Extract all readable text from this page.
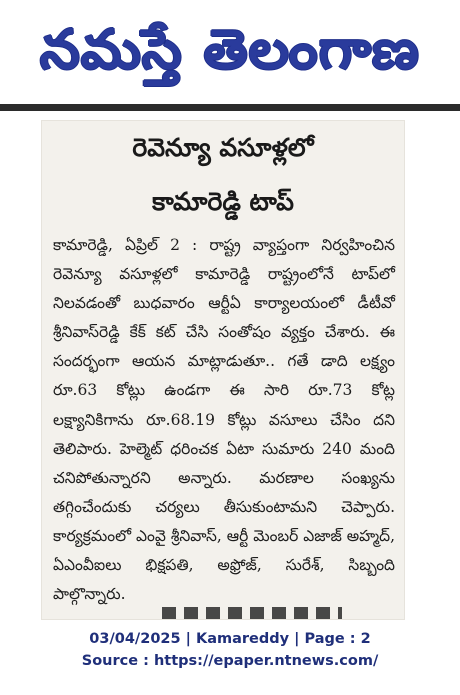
నమస్తే తెలంగాణ
రెవెన్యూ వసూళ్లలో
కామారెడ్డి టాప్
కామారెడ్డి, ఏప్రిల్ 2 : రాష్ట్ర వ్యాప్తంగా నిర్వహించిన రెవెన్యూ వసూళ్లలో కామారెడ్డి రాష్ట్రంలోనే టాప్‌లో నిలవడంతో బుధవారం ఆర్టీఏ కార్యాలయంలో డీటీవో శ్రీనివాస్‌రెడ్డి కేక్ కట్ చేసి సంతోషం వ్యక్తం చేశారు. ఈ సందర్భంగా ఆయన మాట్లాడుతూ.. గతే డాది లక్ష్యం రూ.63 కోట్లు ఉండగా ఈ సారి రూ.73 కోట్ల లక్ష్యానికిగాను రూ.68.19 కోట్లు వసూలు చేసిం దని తెలిపారు. హెల్మెట్ ధరించక ఏటా సుమారు 240 మంది చనిపోతున్నారని అన్నారు. మరణాల సంఖ్యను తగ్గించేందుకు చర్యలు తీసుకుంటామని చెప్పారు. కార్యక్రమంలో ఎంవై శ్రీనివాస్, ఆర్టీ మెంబర్ ఎజాజ్ అహ్మద్, ఏఎంవీఐలు భిక్షపతి, అఫ్రోజ్, సురేశ్, సిబ్బంది పాల్గొన్నారు.
03/04/2025 | Kamareddy | Page : 2
Source : https://epaper.ntnews.com/
